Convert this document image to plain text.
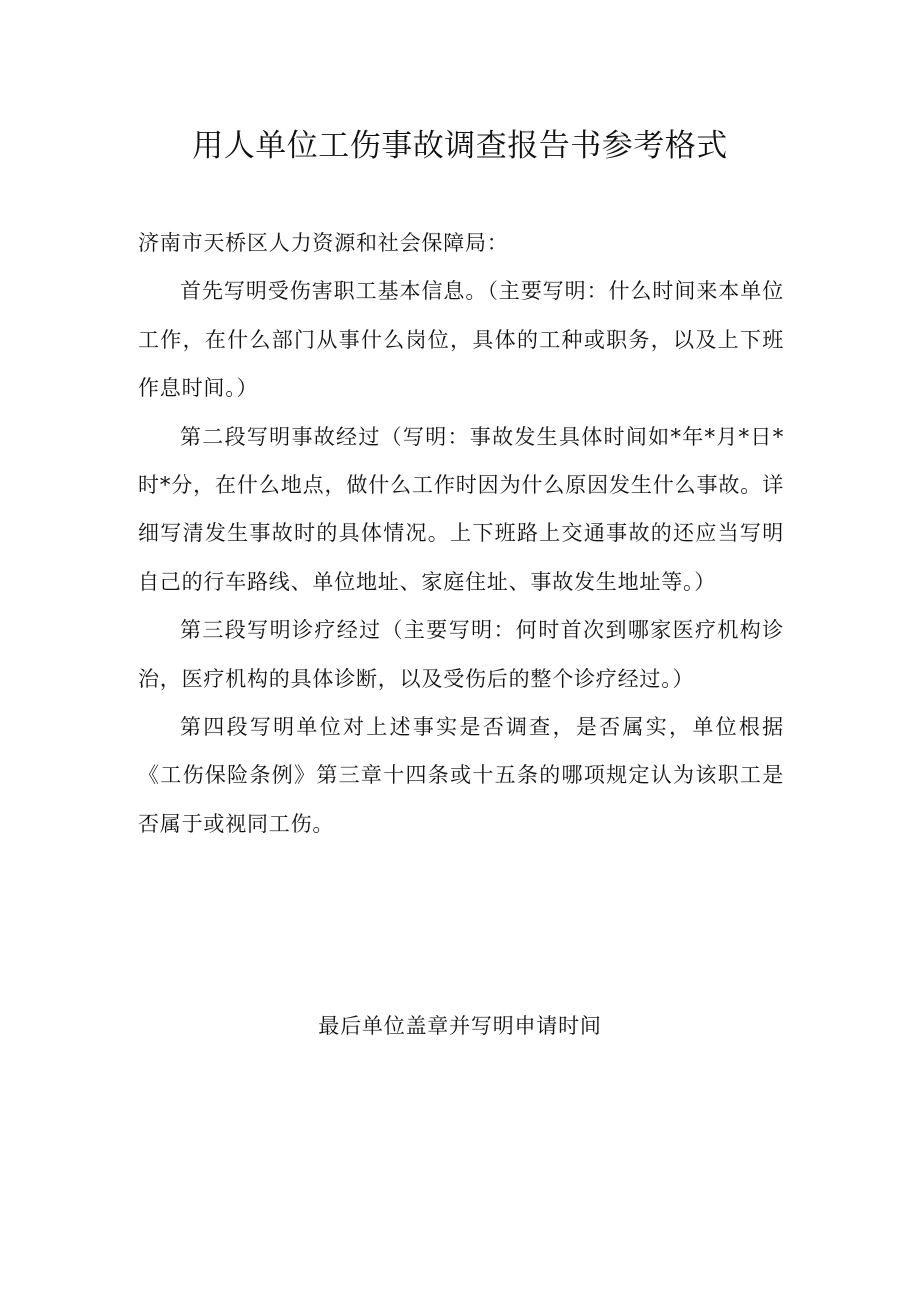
用人单位工伤事故调查报告书参考格式

济南市天桥区人力资源和社会保障局：

首先写明受伤害职工基本信息。（主要写明：什么时间来本单位工作，在什么部门从事什么岗位，具体的工种或职务，以及上下班作息时间。）

第二段写明事故经过（写明：事故发生具体时间如*年*月*日*时*分，在什么地点，做什么工作时因为什么原因发生什么事故。详细写清发生事故时的具体情况。上下班路上交通事故的还应当写明自己的行车路线、单位地址、家庭住址、事故发生地址等。）

第三段写明诊疗经过（主要写明：何时首次到哪家医疗机构诊治，医疗机构的具体诊断，以及受伤后的整个诊疗经过。）

第四段写明单位对上述事实是否调查，是否属实，单位根据《工伤保险条例》第三章十四条或十五条的哪项规定认为该职工是否属于或视同工伤。

最后单位盖章并写明申请时间
